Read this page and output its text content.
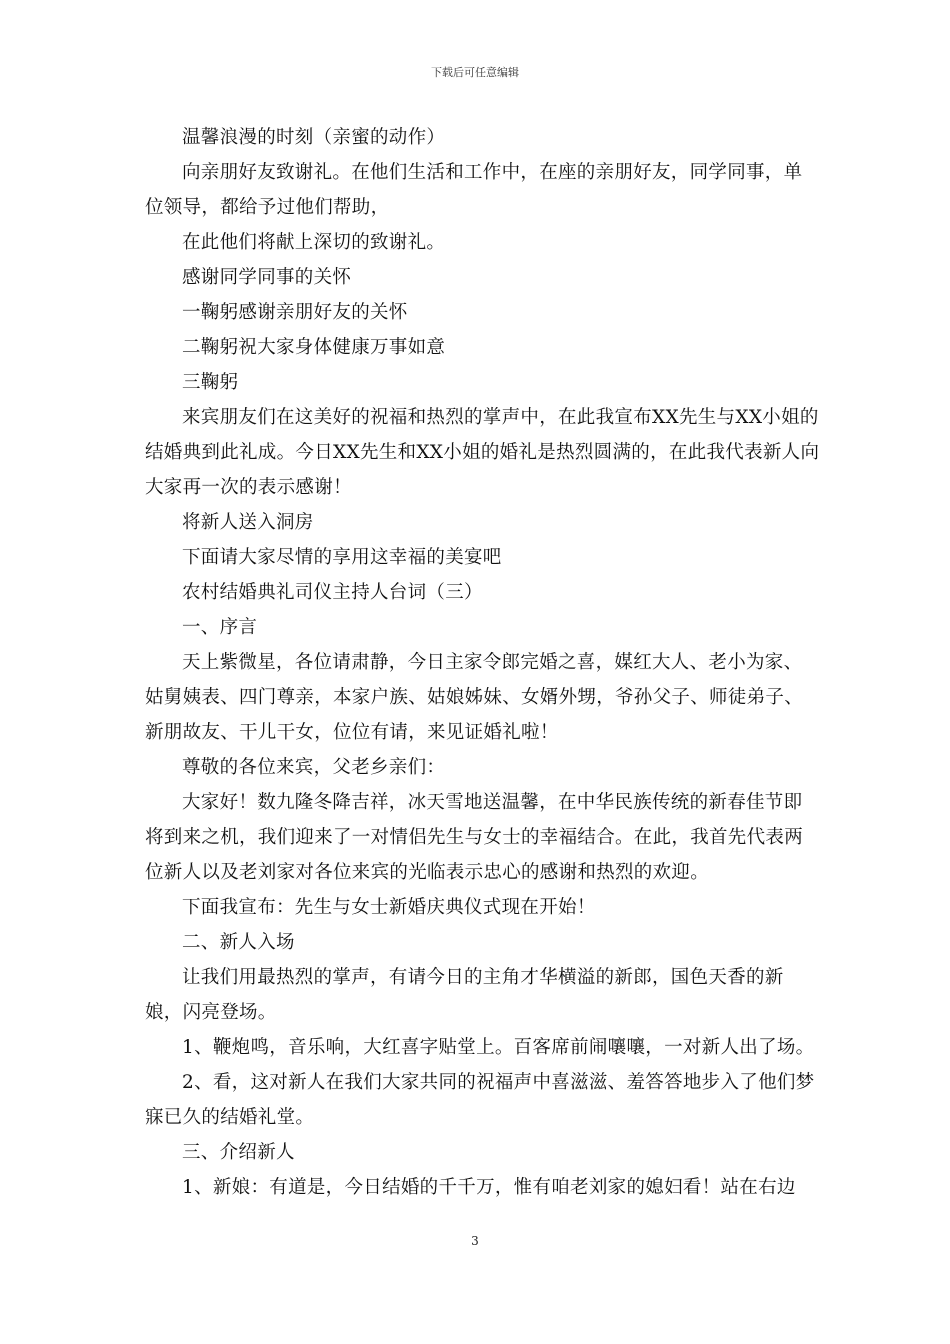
下载后可任意编辑

温馨浪漫的时刻（亲蜜的动作）

向亲朋好友致谢礼。在他们生活和工作中，在座的亲朋好友，同学同事，单位领导，都给予过他们帮助，

在此他们将献上深切的致谢礼。

感谢同学同事的关怀

一鞠躬感谢亲朋好友的关怀

二鞠躬祝大家身体健康万事如意

三鞠躬

来宾朋友们在这美好的祝福和热烈的掌声中，在此我宣布XX先生与XX小姐的结婚典到此礼成。今日XX先生和XX小姐的婚礼是热烈圆满的，在此我代表新人向大家再一次的表示感谢！

将新人送入洞房

下面请大家尽情的享用这幸福的美宴吧

农村结婚典礼司仪主持人台词（三）

一、序言

天上紫微星，各位请肃静，今日主家令郎完婚之喜，媒红大人、老小为家、姑舅姨表、四门尊亲，本家户族、姑娘姊妹、女婿外甥，爷孙父子、师徒弟子、新朋故友、干儿干女，位位有请，来见证婚礼啦！

尊敬的各位来宾，父老乡亲们：

大家好！数九隆冬降吉祥，冰天雪地送温馨，在中华民族传统的新春佳节即将到来之机，我们迎来了一对情侣先生与女士的幸福结合。在此，我首先代表两位新人以及老刘家对各位来宾的光临表示忠心的感谢和热烈的欢迎。

下面我宣布：先生与女士新婚庆典仪式现在开始！

二、新人入场

让我们用最热烈的掌声，有请今日的主角才华横溢的新郎，国色天香的新娘，闪亮登场。

1、鞭炮鸣，音乐响，大红喜字贴堂上。百客席前闹嚷嚷，一对新人出了场。

2、看，这对新人在我们大家共同的祝福声中喜滋滋、羞答答地步入了他们梦寐已久的结婚礼堂。

三、介绍新人

1、新娘：有道是，今日结婚的千千万，惟有咱老刘家的媳妇看！站在右边

3
